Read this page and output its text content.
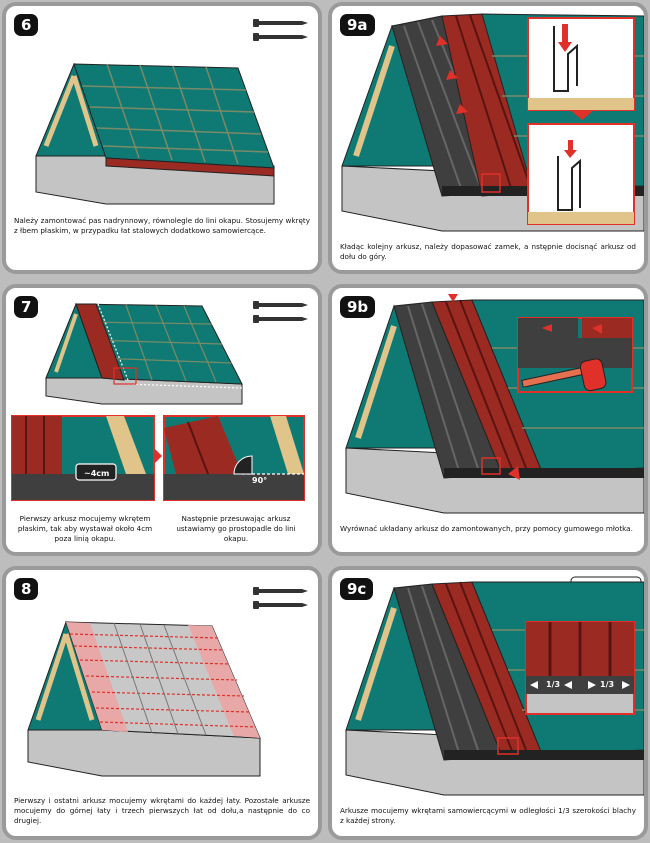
6
Należy zamontować pas nadrynnowy, równolegle do lini okapu. Stosujemy wkręty z łbem płaskim, w przypadku łat stalowych dodatkowo samowiercące.
9a
Kładąc kolejny arkusz, należy dopasować zamek, a nstępnie docisnąć arkusz od dołu do góry.
7
~4cm
90°
Pierwszy arkusz mocujemy wkrętem płaskim, tak aby wystawał około 4cm poza linią okapu.
Następnie przesuwając arkusz ustawiamy go prostopadle do lini okapu.
9b
Wyrównać układany arkusz do zamontowanych, przy pomocy gumowego młotka.
8
Pierwszy i ostatni arkusz mocujemy wkrętami do każdej łaty. Pozostałe arkusze mocujemy do górnej łaty i trzech pierwszych łat od dołu,a następnie do co drugiej.
9c
1/3	1/3
Arkusze mocujemy wkrętami samowiercącymi w odległości 1/3 szerokości blachy z każdej strony.
